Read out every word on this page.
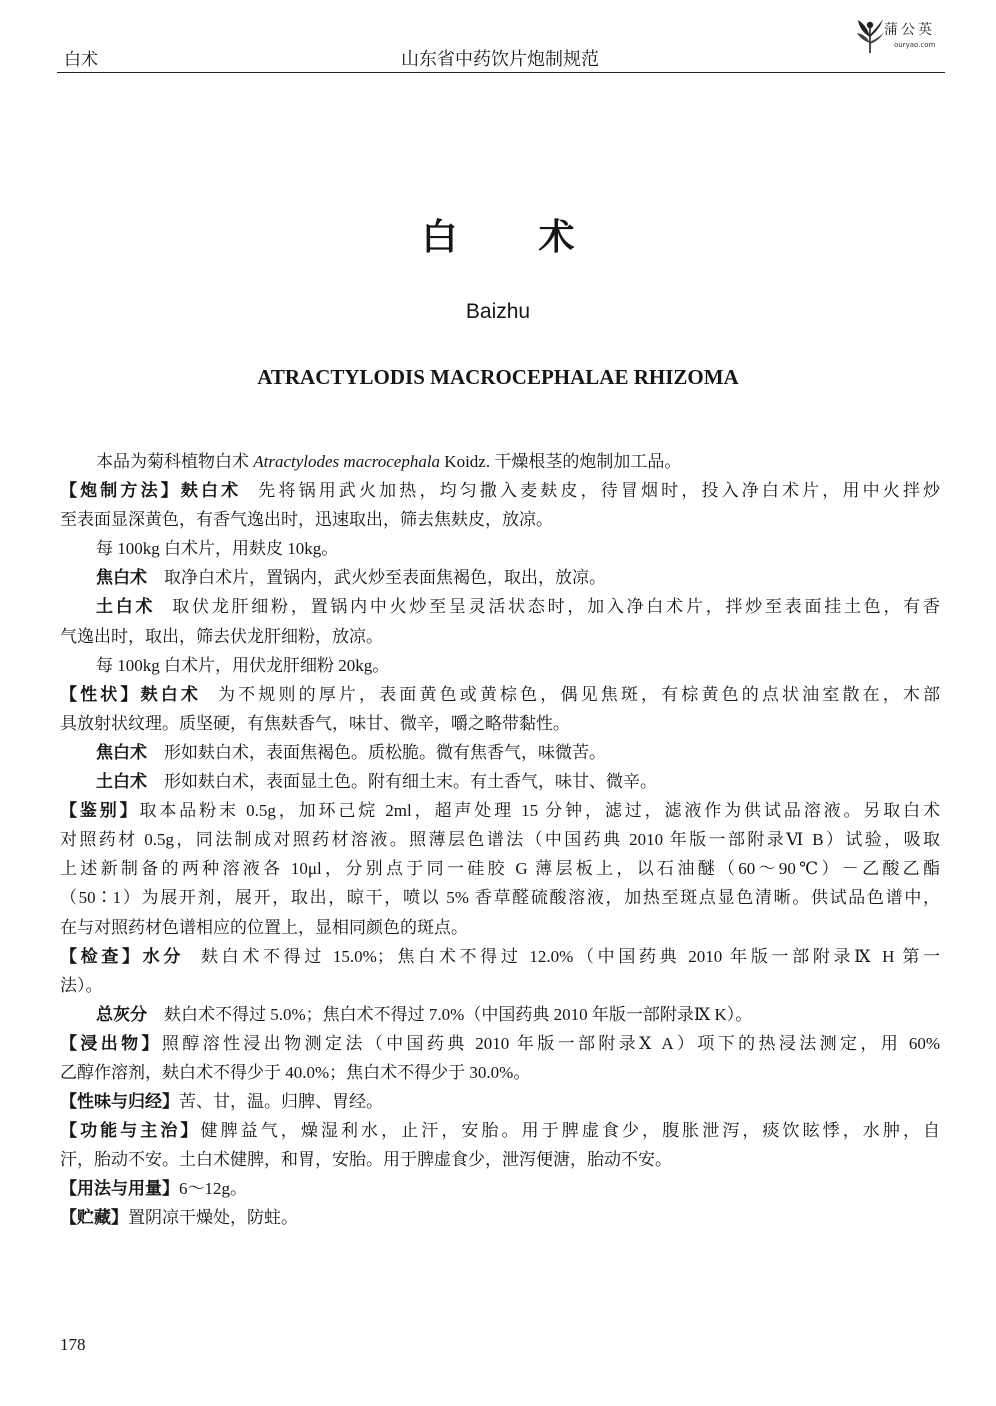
白术	山东省中药饮片炮制规范
蒲公英
ouryao.com
白术
Baizhu
ATRACTYLODIS MACROCEPHALAE RHIZOMA
本品为菊科植物白术 Atractylodes macrocephala Koidz. 干燥根茎的炮制加工品。
【炮制方法】麸白术 先将锅用武火加热，均匀撒入麦麸皮，待冒烟时，投入净白术片，用中火拌炒
至表面显深黄色，有香气逸出时，迅速取出，筛去焦麸皮，放凉。
每 100kg 白术片，用麸皮 10kg。
焦白术 取净白术片，置锅内，武火炒至表面焦褐色，取出，放凉。
土白术 取伏龙肝细粉，置锅内中火炒至呈灵活状态时，加入净白术片，拌炒至表面挂土色，有香
气逸出时，取出，筛去伏龙肝细粉，放凉。
每 100kg 白术片，用伏龙肝细粉 20kg。
【性状】麸白术 为不规则的厚片，表面黄色或黄棕色，偶见焦斑，有棕黄色的点状油室散在，木部
具放射状纹理。质坚硬，有焦麸香气，味甘、微辛，嚼之略带黏性。
焦白术 形如麸白术，表面焦褐色。质松脆。微有焦香气，味微苦。
土白术 形如麸白术，表面显土色。附有细土末。有土香气，味甘、微辛。
【鉴别】取本品粉末 0.5g，加环己烷 2ml，超声处理 15 分钟，滤过，滤液作为供试品溶液。另取白术
对照药材 0.5g，同法制成对照药材溶液。照薄层色谱法（中国药典 2010 年版一部附录Ⅵ B）试验，吸取
上述新制备的两种溶液各 10μl，分别点于同一硅胶 G 薄层板上，以石油醚（60～90℃）－乙酸乙酯
（50∶1）为展开剂，展开，取出，晾干，喷以 5% 香草醛硫酸溶液，加热至斑点显色清晰。供试品色谱中，
在与对照药材色谱相应的位置上，显相同颜色的斑点。
【检查】水分 麸白术不得过 15.0%；焦白术不得过 12.0%（中国药典 2010 年版一部附录Ⅸ H 第一
法）。
总灰分 麸白术不得过 5.0%；焦白术不得过 7.0%（中国药典 2010 年版一部附录Ⅸ K）。
【浸出物】照醇溶性浸出物测定法（中国药典 2010 年版一部附录Ⅹ A）项下的热浸法测定，用 60%
乙醇作溶剂，麸白术不得少于 40.0%；焦白术不得少于 30.0%。
【性味与归经】苦、甘，温。归脾、胃经。
【功能与主治】健脾益气，燥湿利水，止汗，安胎。用于脾虚食少，腹胀泄泻，痰饮眩悸，水肿，自
汗，胎动不安。土白术健脾，和胃，安胎。用于脾虚食少，泄泻便溏，胎动不安。
【用法与用量】6～12g。
【贮藏】置阴凉干燥处，防蛀。
178
